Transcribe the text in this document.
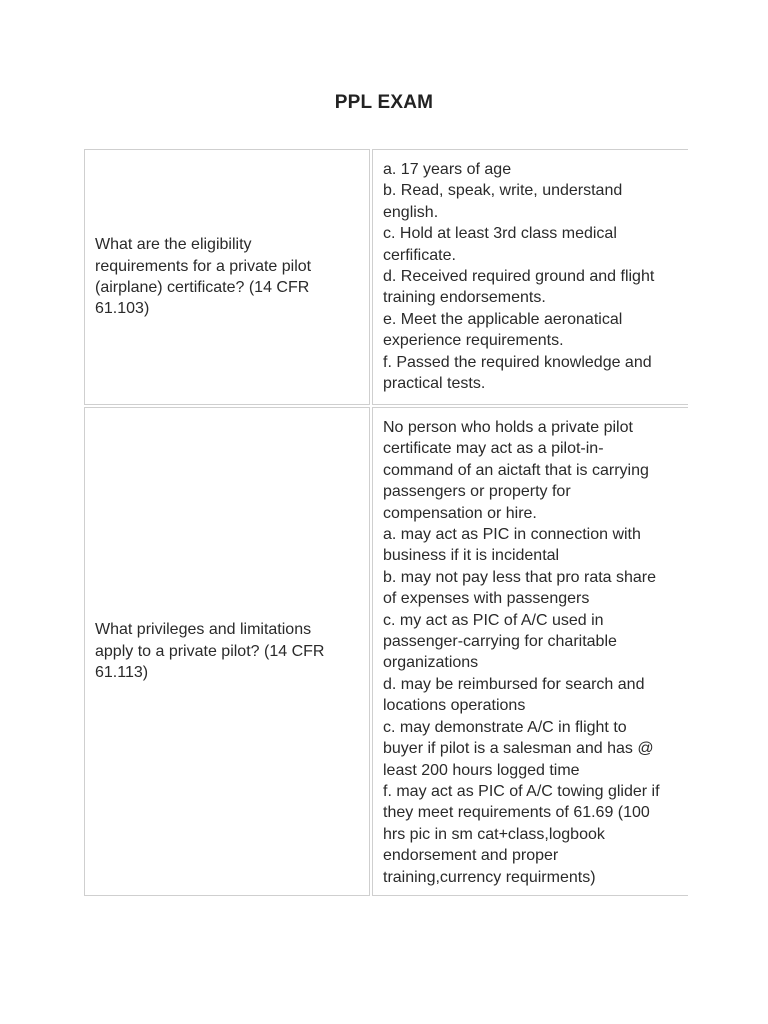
PPL EXAM
What are the eligibility
requirements for a private pilot
(airplane) certificate? (14 CFR
61.103)
a. 17 years of age
b. Read, speak, write, understand
english.
c. Hold at least 3rd class medical
cerfificate.
d. Received required ground and flight
training endorsements.
e. Meet the applicable aeronatical
experience requirements.
f. Passed the required knowledge and
practical tests.
What privileges and limitations
apply to a private pilot? (14 CFR
61.113)
No person who holds a private pilot
certificate may act as a pilot-in-
command of an aictaft that is carrying
passengers or property for
compensation or hire.
a. may act as PIC in connection with
business if it is incidental
b. may not pay less that pro rata share
of expenses with passengers
c. my act as PIC of A/C used in
passenger-carrying for charitable
organizations
d. may be reimbursed for search and
locations operations
c. may demonstrate A/C in flight to
buyer if pilot is a salesman and has @
least 200 hours logged time
f. may act as PIC of A/C towing glider if
they meet requirements of 61.69 (100
hrs pic in sm cat+class,logbook
endorsement and proper
training,currency requirments)
